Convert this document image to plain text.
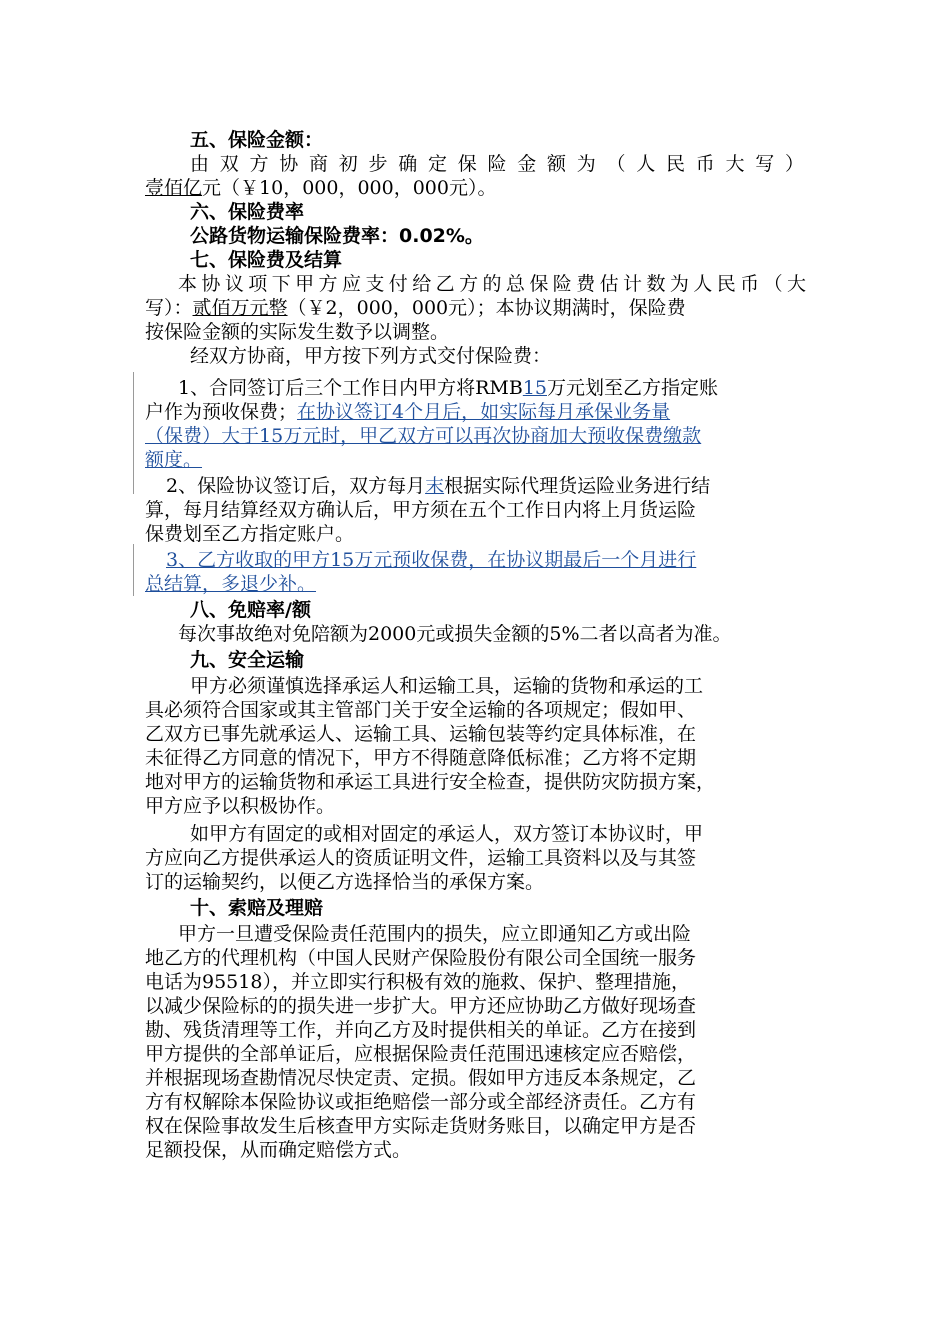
五、保险金额：
由双方协商初步确定保险金额为（人民币大写）
壹佰亿元（￥10，000，000，000元）。
六、保险费率
公路货物运输保险费率：0.02%。
七、保险费及结算
本协议项下甲方应支付给乙方的总保险费估计数为人民币（大
写）：贰佰万元整（￥2，000，000元）；本协议期满时，保险费
按保险金额的实际发生数予以调整。
经双方协商，甲方按下列方式交付保险费：
1、合同签订后三个工作日内甲方将RMB15万元划至乙方指定账
户作为预收保费；在协议签订4个月后，如实际每月承保业务量
（保费）大于15万元时，甲乙双方可以再次协商加大预收保费缴款
额度。
2、保险协议签订后，双方每月末根据实际代理货运险业务进行结
算，每月结算经双方确认后，甲方须在五个工作日内将上月货运险
保费划至乙方指定账户。
3、乙方收取的甲方15万元预收保费，在协议期最后一个月进行
总结算，多退少补。
八、免赔率/额
每次事故绝对免陪额为2000元或损失金额的5%二者以高者为准。
九、安全运输
甲方必须谨慎选择承运人和运输工具，运输的货物和承运的工
具必须符合国家或其主管部门关于安全运输的各项规定；假如甲、
乙双方已事先就承运人、运输工具、运输包装等约定具体标准，在
未征得乙方同意的情况下，甲方不得随意降低标准；乙方将不定期
地对甲方的运输货物和承运工具进行安全检查，提供防灾防损方案，
甲方应予以积极协作。
如甲方有固定的或相对固定的承运人，双方签订本协议时，甲
方应向乙方提供承运人的资质证明文件，运输工具资料以及与其签
订的运输契约，以便乙方选择恰当的承保方案。
十、索赔及理赔
甲方一旦遭受保险责任范围内的损失，应立即通知乙方或出险
地乙方的代理机构（中国人民财产保险股份有限公司全国统一服务
电话为95518），并立即实行积极有效的施救、保护、整理措施，
以减少保险标的的损失进一步扩大。甲方还应协助乙方做好现场查
勘、残货清理等工作，并向乙方及时提供相关的单证。乙方在接到
甲方提供的全部单证后，应根据保险责任范围迅速核定应否赔偿，
并根据现场查勘情况尽快定责、定损。假如甲方违反本条规定，乙
方有权解除本保险协议或拒绝赔偿一部分或全部经济责任。乙方有
权在保险事故发生后核查甲方实际走货财务账目，以确定甲方是否
足额投保，从而确定赔偿方式。
